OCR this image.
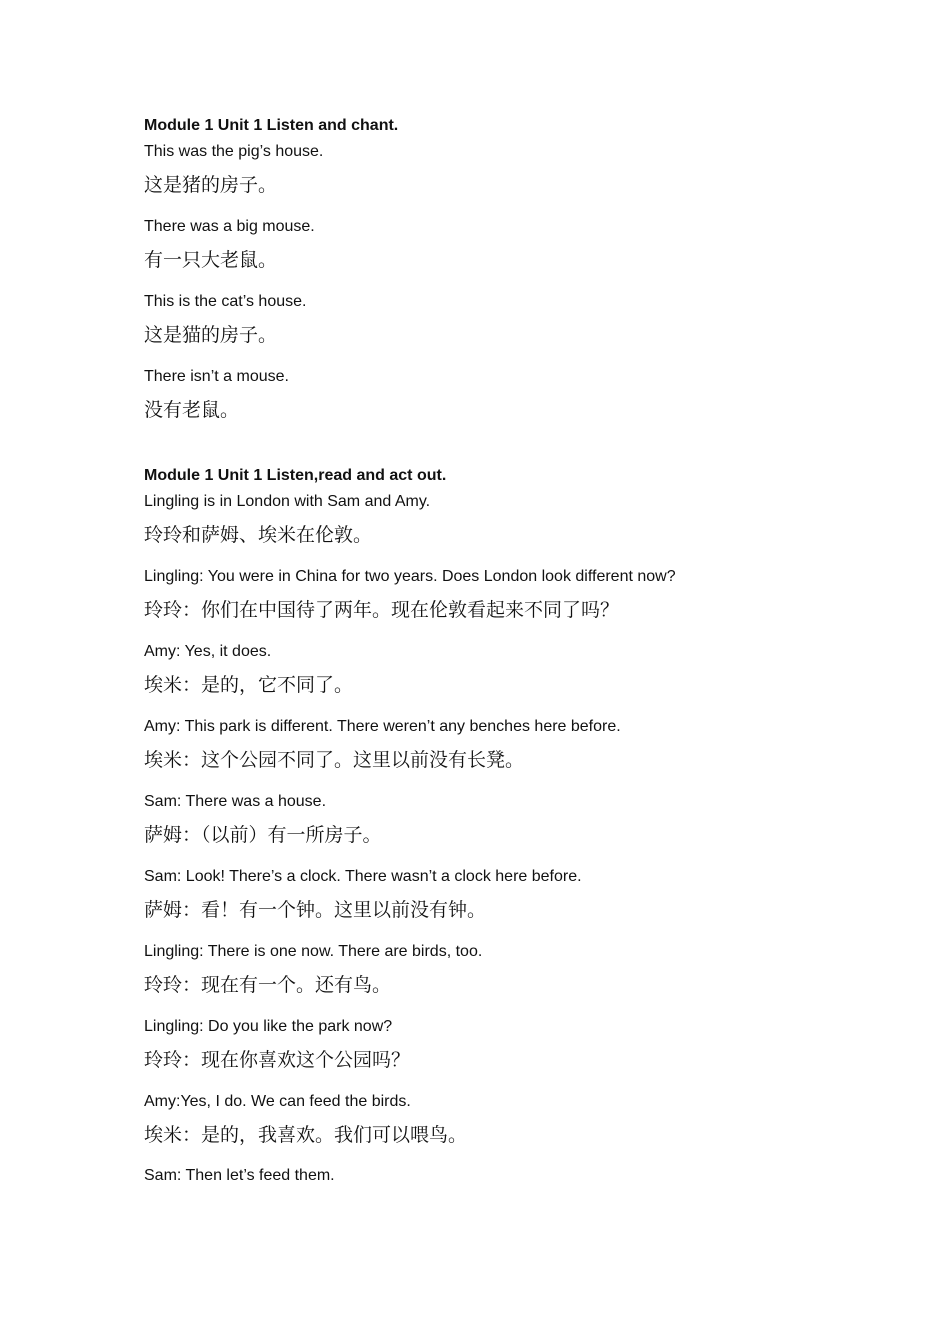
Module 1 Unit 1 Listen and chant.
This was the pig’s house.
这是猪的房子。
There was a big mouse.
有一只大老鼠。
This is the cat’s house.
这是猫的房子。
There isn’t a mouse.
没有老鼠。
Module 1 Unit 1 Listen,read and act out.
Lingling is in London with Sam and Amy.
玲玲和萨姆、埃米在伦敦。
Lingling: You were in China for two years. Does London look different now?
玲玲：你们在中国待了两年。现在伦敦看起来不同了吗？
Amy: Yes, it does.
埃米：是的，它不同了。
Amy: This park is different. There weren’t any benches here before.
埃米：这个公园不同了。这里以前没有长凳。
Sam: There was a house.
萨姆：（以前）有一所房子。
Sam: Look! There’s a clock. There wasn’t a clock here before.
萨姆：看！有一个钟。这里以前没有钟。
Lingling: There is one now. There are birds, too.
玲玲：现在有一个。还有鸟。
Lingling: Do you like the park now?
玲玲：现在你喜欢这个公园吗？
Amy:Yes, I do. We can feed the birds.
埃米：是的，我喜欢。我们可以喂鸟。
Sam: Then let’s feed them.
